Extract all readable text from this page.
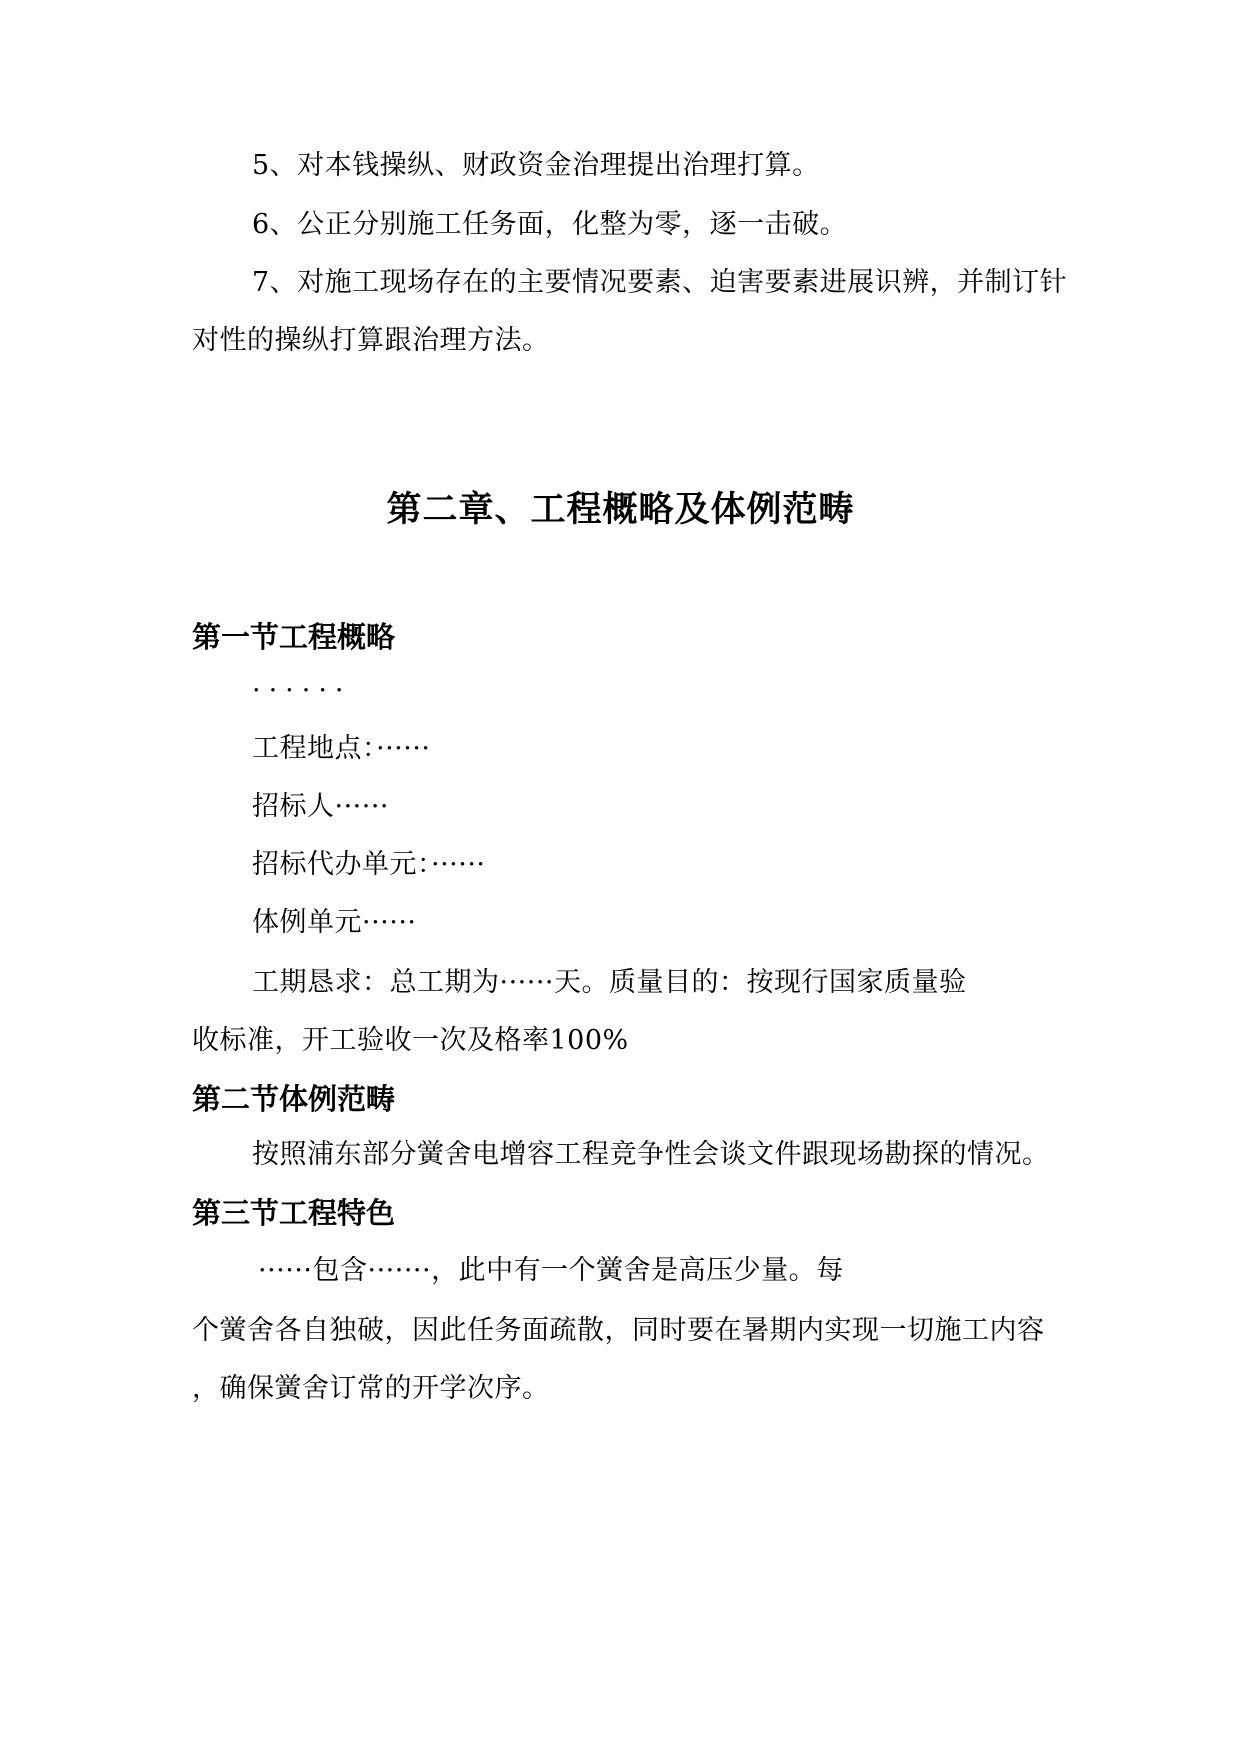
5、对本钱操纵、财政资金治理提出治理打算。
6、公正分别施工任务面，化整为零，逐一击破。
7、对施工现场存在的主要情况要素、迫害要素进展识辨，并制订针
对性的操纵打算跟治理方法。
第二章、工程概略及体例范畴
第一节工程概略
······
工程地点：······
招标人······
招标代办单元：······
体例单元······
工期恳求：总工期为······天。质量目的：按现行国家质量验
收标准，开工验收一次及格率100%
第二节体例范畴
按照浦东部分黉舍电增容工程竞争性会谈文件跟现场勘探的情况。
第三节工程特色
······包含·······，此中有一个黉舍是高压少量。每
个黉舍各自独破，因此任务面疏散，同时要在暑期内实现一切施工内容
，确保黉舍订常的开学次序。
